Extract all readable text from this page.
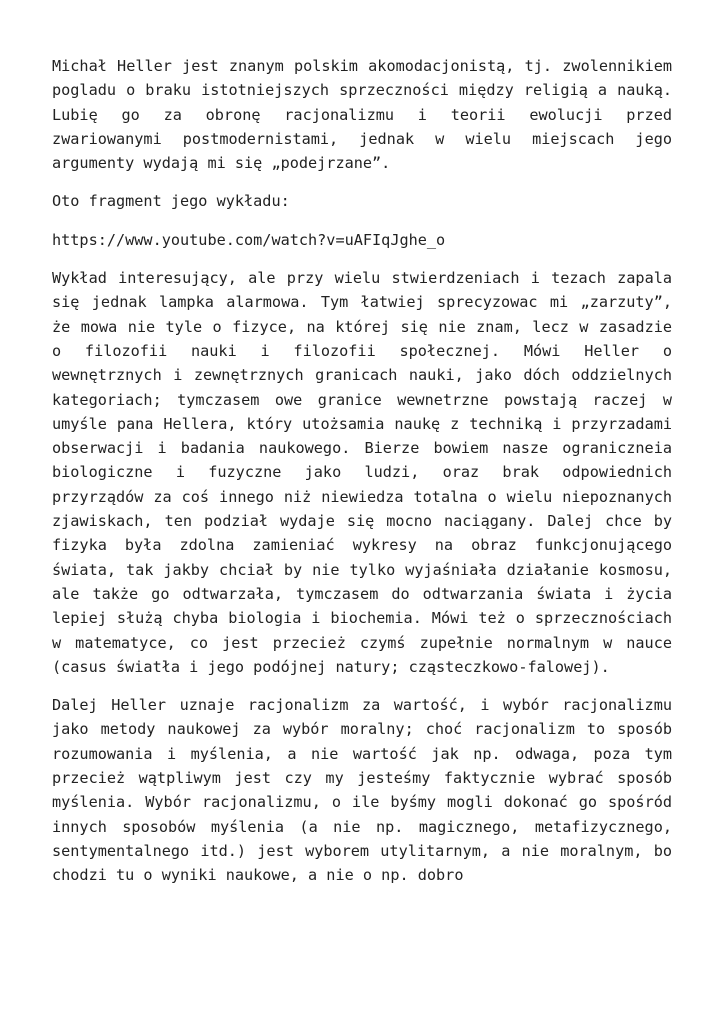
Michał Heller jest znanym polskim akomodacjonistą, tj. zwolennikiem pogladu o braku istotniejszych sprzeczności między religią a nauką. Lubię go za obronę racjonalizmu i teorii ewolucji przed zwariowanymi postmodernistami, jednak w wielu miejscach jego argumenty wydają mi się „podejrzane”.

Oto fragment jego wykładu:

https://www.youtube.com/watch?v=uAFIqJghe_o

Wykład interesujący, ale przy wielu stwierdzeniach i tezach zapala się jednak lampka alarmowa. Tym łatwiej sprecyzowac mi „zarzuty”, że mowa nie tyle o fizyce, na której się nie znam, lecz w zasadzie o filozofii nauki i filozofii społecznej. Mówi Heller o wewnętrznych i zewnętrznych granicach nauki, jako dóch oddzielnych kategoriach; tymczasem owe granice wewnetrzne powstają raczej w umyśle pana Hellera, który utożsamia naukę z techniką i przyrzadami obserwacji i badania naukowego. Bierze bowiem nasze ograniczneia biologiczne i fuzyczne jako ludzi, oraz brak odpowiednich przyrządów za coś innego niż niewiedza totalna o wielu niepoznanych zjawiskach, ten podział wydaje się mocno naciągany. Dalej chce by fizyka była zdolna zamieniać wykresy na obraz funkcjonującego świata, tak jakby chciał by nie tylko wyjaśniała działanie kosmosu, ale także go odtwarzała, tymczasem do odtwarzania świata i życia lepiej służą chyba biologia i biochemia. Mówi też o sprzecznościach w matematyce, co jest przecież czymś zupełnie normalnym w nauce (casus światła i jego podójnej natury; cząsteczkowo-falowej).

Dalej Heller uznaje racjonalizm za wartość, i wybór racjonalizmu jako metody naukowej za wybór moralny; choć racjonalizm to sposób rozumowania i myślenia, a nie wartość jak np. odwaga, poza tym przecież wątpliwym jest czy my jesteśmy faktycznie wybrać sposób myślenia. Wybór racjonalizmu, o ile byśmy mogli dokonać go spośród innych sposobów myślenia (a nie np. magicznego, metafizycznego, sentymentalnego itd.) jest wyborem utylitarnym, a nie moralnym, bo chodzi tu o wyniki naukowe, a nie o np. dobro
